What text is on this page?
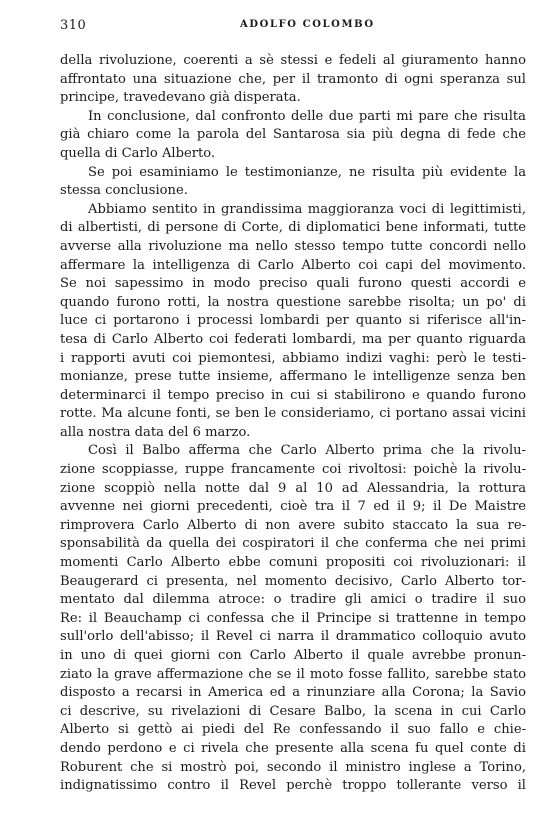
310	ADOLFO COLOMBO
della rivoluzione, coerenti a sè stessi e fedeli al giuramento hanno
affrontato una situazione che, per il tramonto di ogni speranza sul
principe, travedevano già disperata.
In conclusione, dal confronto delle due parti mi pare che risulta
già chiaro come la parola del Santarosa sia più degna di fede che
quella di Carlo Alberto.
Se poi esaminiamo le testimonianze, ne risulta più evidente la
stessa conclusione.
Abbiamo sentito in grandissima maggioranza voci di legittimisti,
di albertisti, di persone di Corte, di diplomatici bene informati, tutte
avverse alla rivoluzione ma nello stesso tempo tutte concordi nello
affermare la intelligenza di Carlo Alberto coi capi del movimento.
Se noi sapessimo in modo preciso quali furono questi accordi e
quando furono rotti, la nostra questione sarebbe risolta; un po' di
luce ci portarono i processi lombardi per quanto si riferisce all'in-
tesa di Carlo Alberto coi federati lombardi, ma per quanto riguarda
i rapporti avuti coi piemontesi, abbiamo indizi vaghi: però le testi-
monianze, prese tutte insieme, affermano le intelligenze senza ben
determinarci il tempo preciso in cui si stabilirono e quando furono
rotte. Ma alcune fonti, se ben le consideriamo, ci portano assai vicini
alla nostra data del 6 marzo.
Così il Balbo afferma che Carlo Alberto prima che la rivolu-
zione scoppiasse, ruppe francamente coi rivoltosi: poichè la rivolu-
zione scoppiò nella notte dal 9 al 10 ad Alessandria, la rottura
avvenne nei giorni precedenti, cioè tra il 7 ed il 9; il De Maistre
rimprovera Carlo Alberto di non avere subito staccato la sua re-
sponsabilità da quella dei cospiratori il che conferma che nei primi
momenti Carlo Alberto ebbe comuni propositi coi rivoluzionari: il
Beaugerard ci presenta, nel momento decisivo, Carlo Alberto tor-
mentato dal dilemma atroce: o tradire gli amici o tradire il suo
Re: il Beauchamp ci confessa che il Principe si trattenne in tempo
sull'orlo dell'abisso; il Revel ci narra il drammatico colloquio avuto
in uno di quei giorni con Carlo Alberto il quale avrebbe pronun-
ziato la grave affermazione che se il moto fosse fallito, sarebbe stato
disposto a recarsi in America ed a rinunziare alla Corona; la Savio
ci descrive, su rivelazioni di Cesare Balbo, la scena in cui Carlo
Alberto si gettò ai piedi del Re confessando il suo fallo e chie-
dendo perdono e ci rivela che presente alla scena fu quel conte di
Roburent che si mostrò poi, secondo il ministro inglese a Torino,
indignatissimo contro il Revel perchè troppo tollerante verso il
